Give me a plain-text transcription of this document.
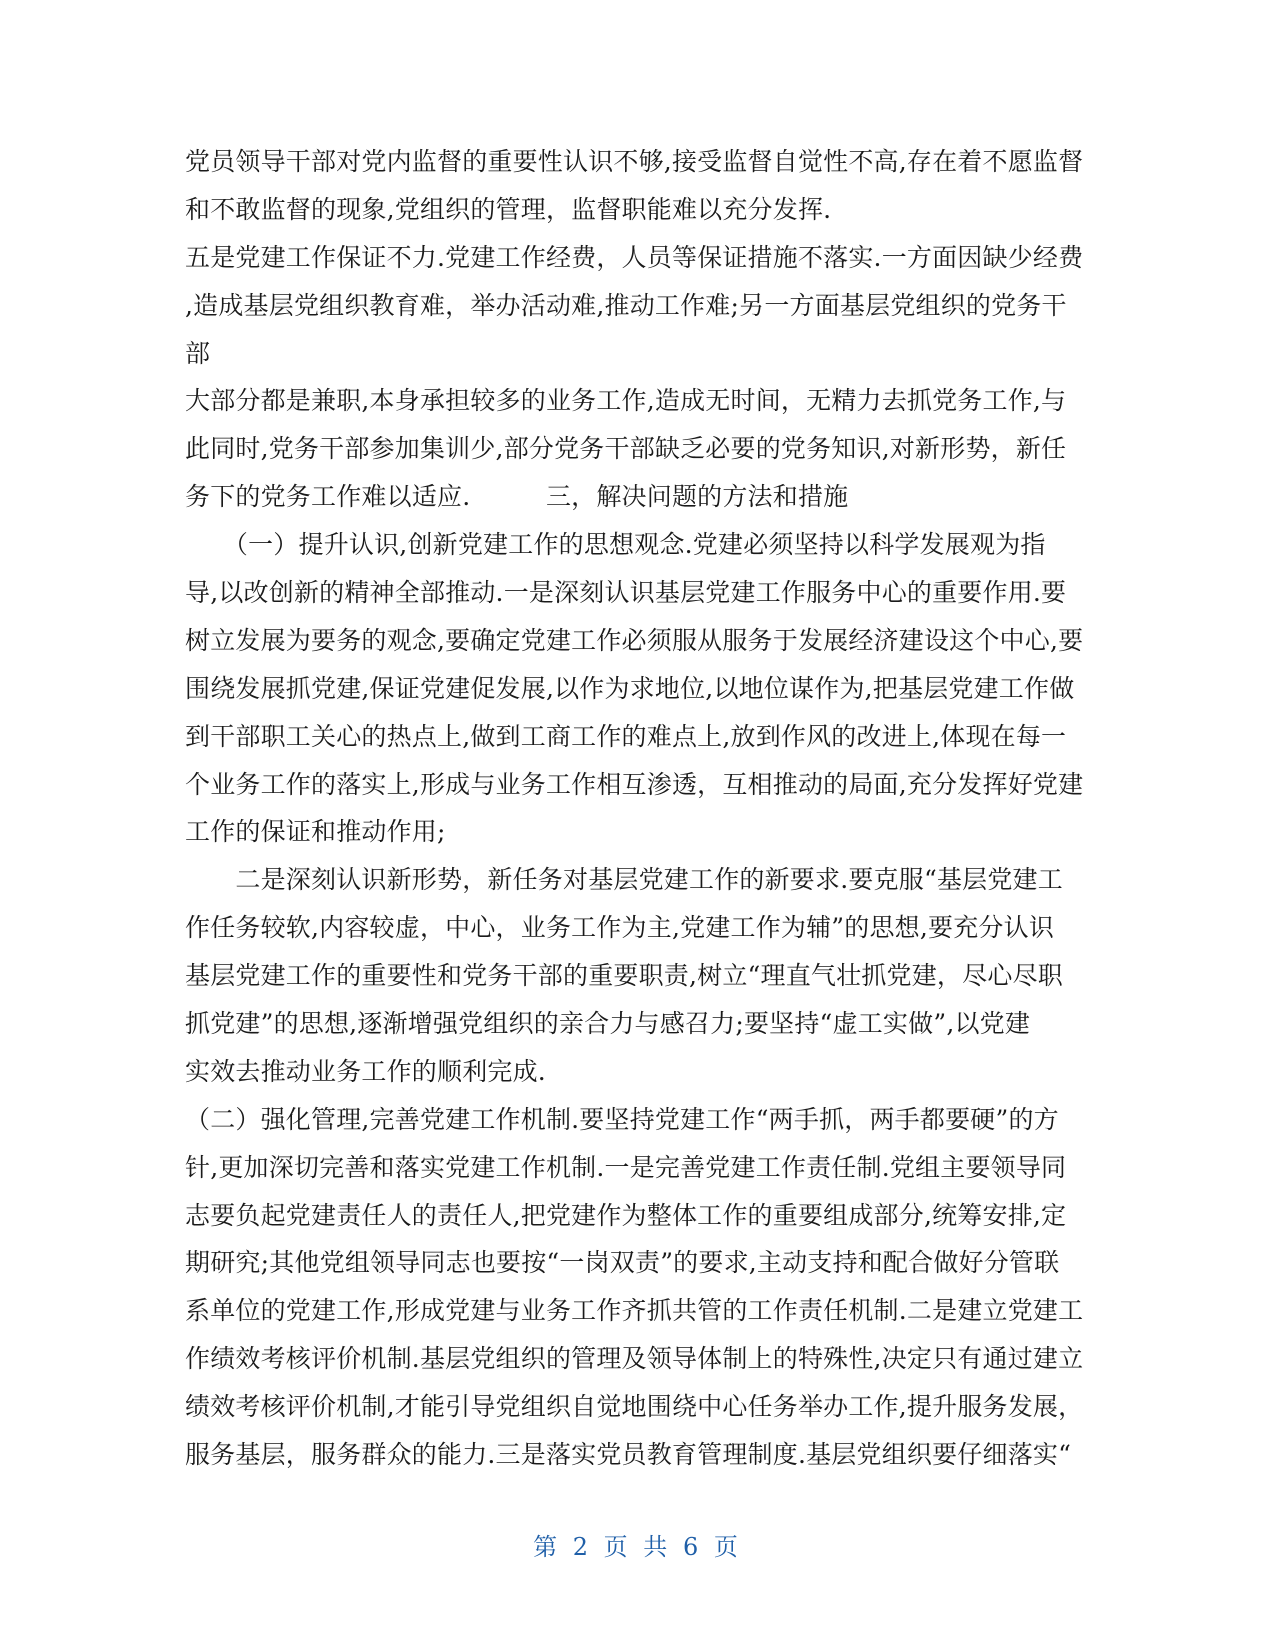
党员领导干部对党内监督的重要性认识不够,接受监督自觉性不高,存在着不愿监督
和不敢监督的现象,党组织的管理，监督职能难以充分发挥.
五是党建工作保证不力.党建工作经费，人员等保证措施不落实.一方面因缺少经费
,造成基层党组织教育难，举办活动难,推动工作难;另一方面基层党组织的党务干
部
大部分都是兼职,本身承担较多的业务工作,造成无时间，无精力去抓党务工作,与
此同时,党务干部参加集训少,部分党务干部缺乏必要的党务知识,对新形势，新任
务下的党务工作难以适应.　　　三，解决问题的方法和措施
　　（一）提升认识,创新党建工作的思想观念.党建必须坚持以科学发展观为指
导,以改创新的精神全部推动.一是深刻认识基层党建工作服务中心的重要作用.要
树立发展为要务的观念,要确定党建工作必须服从服务于发展经济建设这个中心,要
围绕发展抓党建,保证党建促发展,以作为求地位,以地位谋作为,把基层党建工作做
到干部职工关心的热点上,做到工商工作的难点上,放到作风的改进上,体现在每一
个业务工作的落实上,形成与业务工作相互渗透，互相推动的局面,充分发挥好党建
工作的保证和推动作用;
　　二是深刻认识新形势，新任务对基层党建工作的新要求.要克服“基层党建工
作任务较软,内容较虚，中心，业务工作为主,党建工作为辅”的思想,要充分认识
基层党建工作的重要性和党务干部的重要职责,树立“理直气壮抓党建，尽心尽职
抓党建”的思想,逐渐增强党组织的亲合力与感召力;要坚持“虚工实做”,以党建
实效去推动业务工作的顺利完成.
（二）强化管理,完善党建工作机制.要坚持党建工作“两手抓，两手都要硬”的方
针,更加深切完善和落实党建工作机制.一是完善党建工作责任制.党组主要领导同
志要负起党建责任人的责任人,把党建作为整体工作的重要组成部分,统筹安排,定
期研究;其他党组领导同志也要按“一岗双责”的要求,主动支持和配合做好分管联
系单位的党建工作,形成党建与业务工作齐抓共管的工作责任机制.二是建立党建工
作绩效考核评价机制.基层党组织的管理及领导体制上的特殊性,决定只有通过建立
绩效考核评价机制,才能引导党组织自觉地围绕中心任务举办工作,提升服务发展，
服务基层，服务群众的能力.三是落实党员教育管理制度.基层党组织要仔细落实“
第 2 页 共 6 页
